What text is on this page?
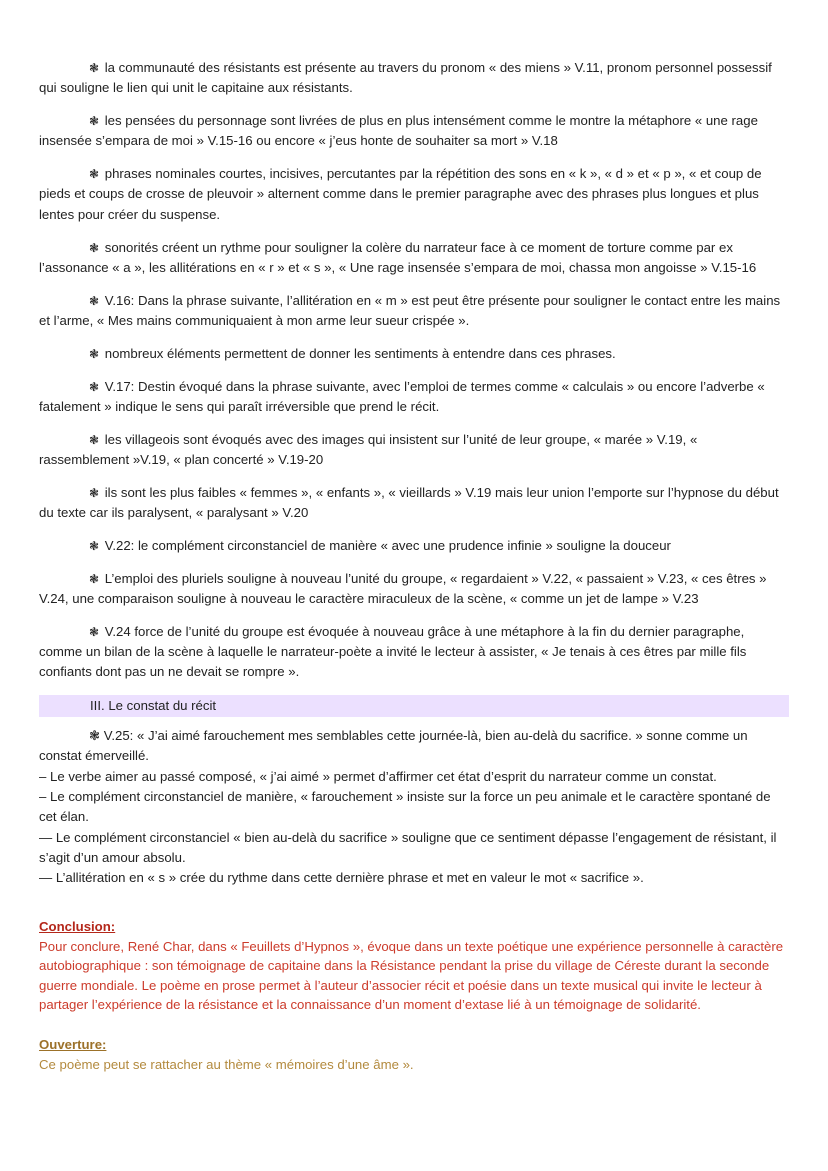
❃ la communauté des résistants est présente au travers du pronom « des miens » V.11, pronom personnel possessif qui souligne le lien qui unit le capitaine aux résistants.

❃ les pensées du personnage sont livrées de plus en plus intensément comme le montre la métaphore « une rage insensée s’empara de moi » V.15-16 ou encore « j’eus honte de souhaiter sa mort » V.18

❃ phrases nominales courtes, incisives, percutantes par la répétition des sons en « k », « d » et « p », « et coup de pieds et coups de crosse de pleuvoir » alternent comme dans le premier paragraphe avec des phrases plus longues et plus lentes pour créer du suspense.

❃ sonorités créent un rythme pour souligner la colère du narrateur face à ce moment de torture comme par ex l’assonance « a », les allitérations en « r » et « s », « Une rage insensée s’empara de moi, chassa mon angoisse » V.15-16

❃ V.16: Dans la phrase suivante, l’allitération en « m » est peut être présente pour souligner le contact entre les mains et l’arme, « Mes mains communiquaient à mon arme leur sueur crispée ».

❃ nombreux éléments permettent de donner les sentiments à entendre dans ces phrases.

❃ V.17: Destin évoqué dans la phrase suivante, avec l’emploi de termes comme « calculais » ou encore l’adverbe « fatalement » indique le sens qui paraît irréversible que prend le récit.

❃ les villageois sont évoqués avec des images qui insistent sur l’unité de leur groupe, « marée » V.19, « rassemblement »V.19, « plan concerté » V.19-20

❃ ils sont les plus faibles « femmes », « enfants », « vieillards » V.19 mais leur union l’emporte sur l’hypnose du début du texte car ils paralysent, « paralysant » V.20

❃ V.22: le complément circonstanciel de manière « avec une prudence infinie » souligne la douceur

❃ L’emploi des pluriels souligne à nouveau l’unité du groupe, « regardaient » V.22, « passaient » V.23, « ces êtres » V.24, une comparaison souligne à nouveau le caractère miraculeux de la scène, « comme un jet de lampe » V.23

❃ V.24 force de l’unité du groupe est évoquée à nouveau grâce à une métaphore à la fin du dernier paragraphe, comme un bilan de la scène à laquelle le narrateur-poète a invité le lecteur à assister, « Je tenais à ces êtres par mille fils confiants dont pas un ne devait se rompre ».

III. Le constat du récit
❃ V.25: « J’ai aimé farouchement mes semblables cette journée-là, bien au-delà du sacrifice. » sonne comme un constat émerveillé.
– Le verbe aimer au passé composé, « j’ai aimé » permet d’affirmer cet état d’esprit du narrateur comme un constat.
– Le complément circonstanciel de manière, « farouchement » insiste sur la force un peu animale et le caractère spontané de cet élan.
— Le complément circonstanciel « bien au-delà du sacrifice » souligne que ce sentiment dépasse l’engagement de résistant, il s’agit d’un amour absolu.
— L’allitération en « s » crée du rythme dans cette dernière phrase et met en valeur le mot « sacrifice ».
Conclusion:
Pour conclure, René Char, dans « Feuillets d’Hypnos », évoque dans un texte poétique une expérience personnelle à caractère autobiographique : son témoignage de capitaine dans la Résistance pendant la prise du village de Céreste durant la seconde guerre mondiale. Le poème en prose permet à l’auteur d’associer récit et poésie dans un texte musical qui invite le lecteur à partager l’expérience de la résistance et la connaissance d’un moment d’extase lié à un témoignage de solidarité.
Ouverture:
Ce poème peut se rattacher au thème « mémoires d’une âme ».
